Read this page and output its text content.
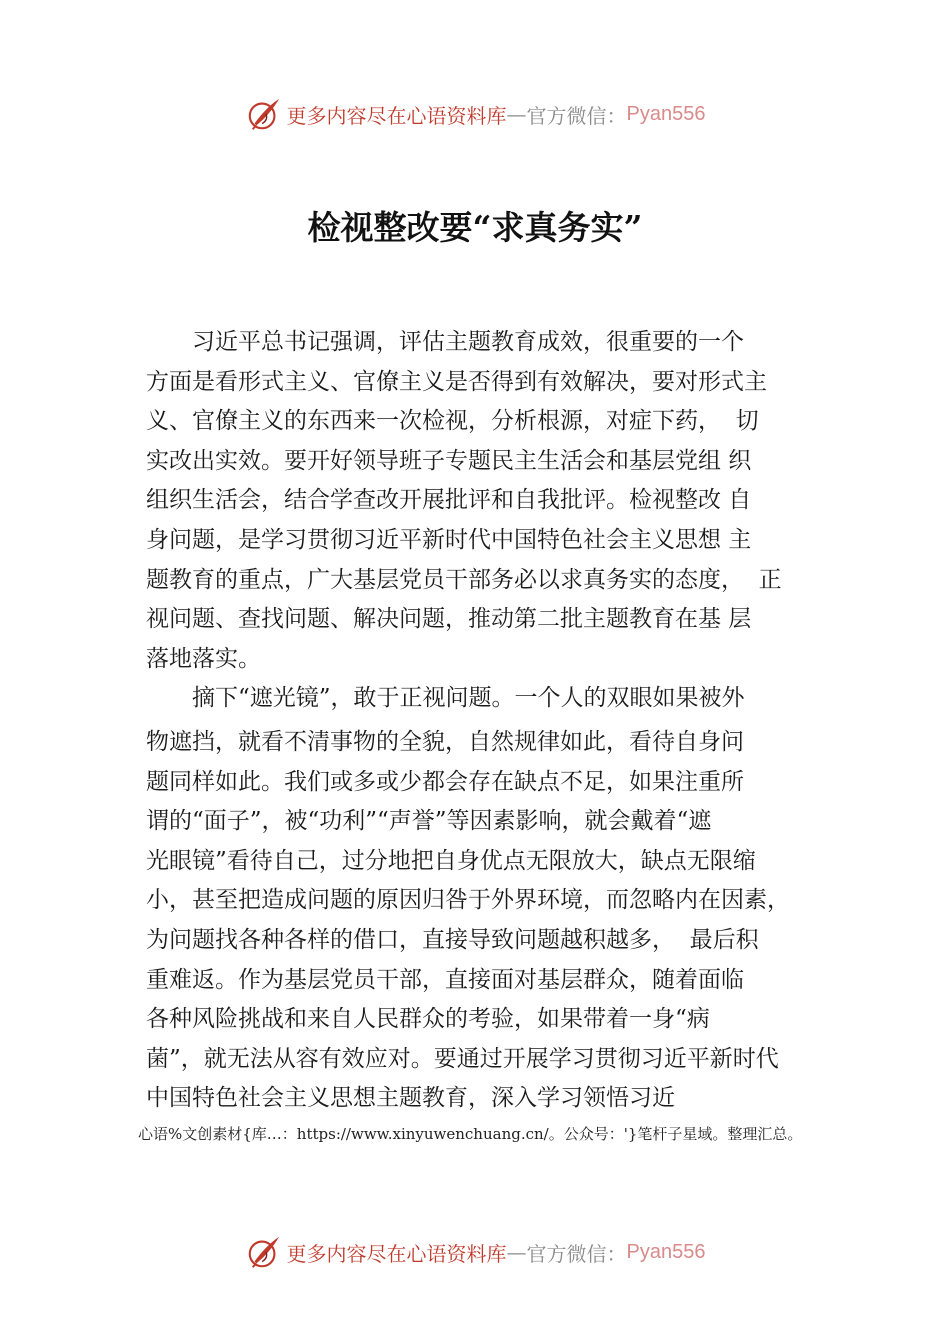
更多内容尽在心语资料库 — 官方微信： Pyan556
检视整改要“求真务实”
　　习近平总书记强调，评估主题教育成效，很重要的一个
方面是看形式主义、官僚主义是否得到有效解决，要对形式主
义、官僚主义的东西来一次检视，分析根源，对症下药，  切
实改出实效。要开好领导班子专题民主生活会和基层党组 织
组织生活会，结合学查改开展批评和自我批评。检视整改 自
身问题，是学习贯彻习近平新时代中国特色社会主义思想 主
题教育的重点，广大基层党员干部务必以求真务实的态度，  正
视问题、查找问题、解决问题，推动第二批主题教育在基 层
落地落实。
　　摘下“遮光镜”，敢于正视问题。一个人的双眼如果被外
物遮挡，就看不清事物的全貌，自然规律如此，看待自身问
题同样如此。我们或多或少都会存在缺点不足，如果注重所
谓的“面子”，被“功利”“声誉”等因素影响，就会戴着“遮
光眼镜”看待自己，过分地把自身优点无限放大，缺点无限缩
小，甚至把造成问题的原因归咎于外界环境，而忽略内在因素，
为问题找各种各样的借口，直接导致问题越积越多，  最后积
重难返。作为基层党员干部，直接面对基层群众，随着面临
各种风险挑战和来自人民群众的考验，如果带着一身“病
菌”，就无法从容有效应对。要通过开展学习贯彻习近平新时代
中国特色社会主义思想主题教育，深入学习领悟习近
心语%文创素材{库…：https://www.xinyuwenchuang.cn/。公众号：'}笔杆子星域。整理汇总。
更多内容尽在心语资料库 — 官方微信： Pyan556
